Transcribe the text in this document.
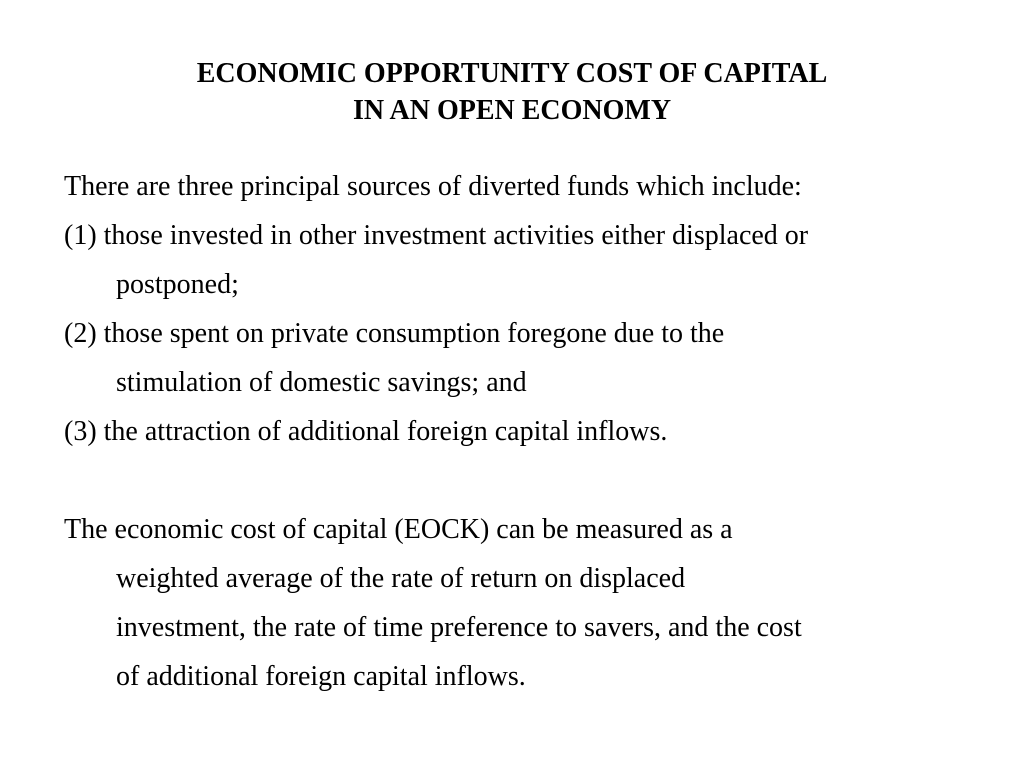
ECONOMIC OPPORTUNITY COST OF CAPITAL
IN AN OPEN ECONOMY
There are three principal sources of diverted funds which include:
(1) those invested in other investment activities either displaced or
postponed;
(2) those spent on private consumption foregone due to the
stimulation of domestic savings; and
(3) the attraction of additional foreign capital inflows.
The economic cost of capital (EOCK) can be measured as a
weighted average of the rate of return on displaced
investment, the rate of time preference to savers, and the cost
of additional foreign capital inflows.
